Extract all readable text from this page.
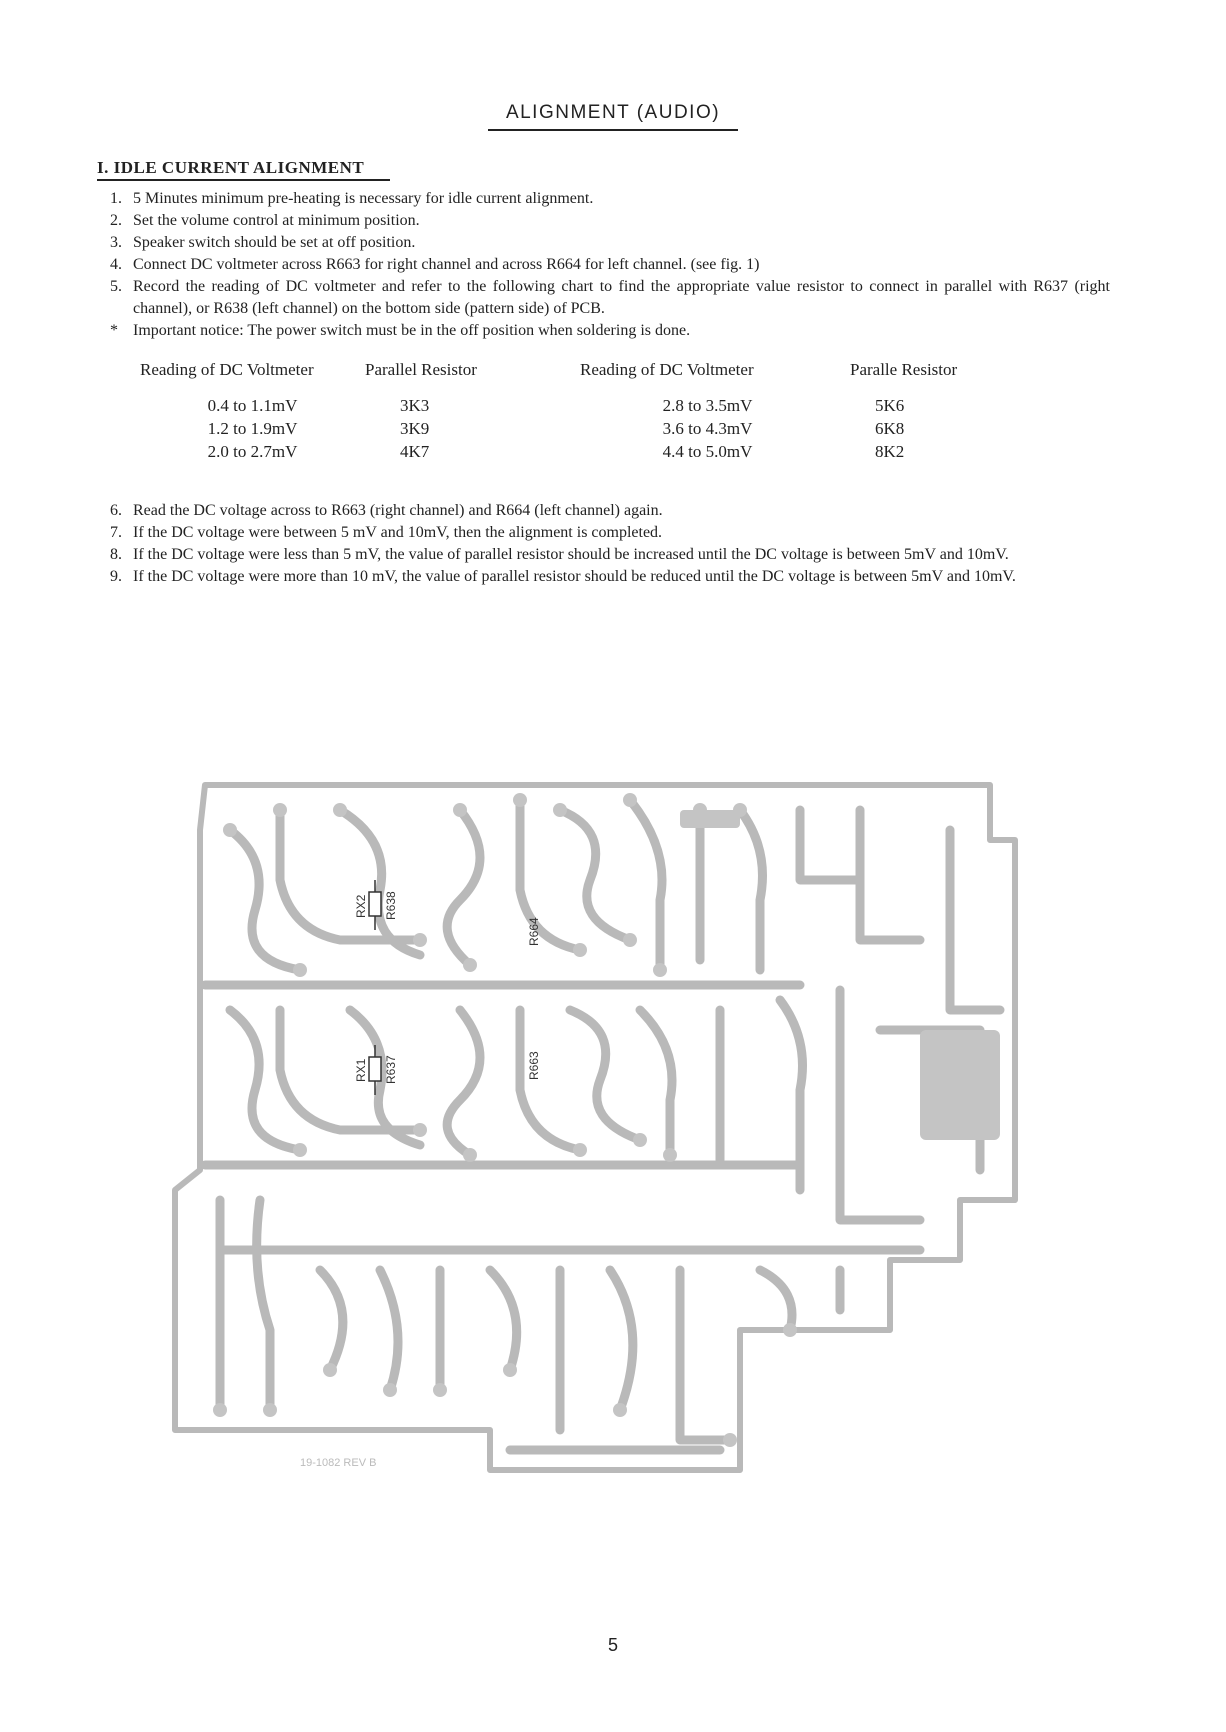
ALIGNMENT (AUDIO)
I. IDLE CURRENT ALIGNMENT
1. 5 Minutes minimum pre-heating is necessary for idle current alignment.
2. Set the volume control at minimum position.
3. Speaker switch should be set at off position.
4. Connect DC voltmeter across R663 for right channel and across R664 for left channel. (see fig. 1)
5. Record the reading of DC voltmeter and refer to the following chart to find the appropriate value resistor to connect in parallel with R637 (right channel), or R638 (left channel) on the bottom side (pattern side) of PCB.
* Important notice: The power switch must be in the off position when soldering is done.
Reading of DC Voltmeter	Parallel Resistor	Reading of DC Voltmeter	Paralle Resistor
0.4 to 1.1mV	3K3	2.8 to 3.5mV	5K6
1.2 to 1.9mV	3K9	3.6 to 4.3mV	6K8
2.0 to 2.7mV	4K7	4.4 to 5.0mV	8K2
6. Read the DC voltage across to R663 (right channel) and R664 (left channel) again.
7. If the DC voltage were between 5 mV and 10mV, then the alignment is completed.
8. If the DC voltage were less than 5 mV, the value of parallel resistor should be increased until the DC voltage is between 5mV and 10mV.
9. If the DC voltage were more than 10 mV, the value of parallel resistor should be reduced until the DC voltage is between 5mV and 10mV.
RX2 R638
R664
RX1 R637	R663
19-1082 REV B
5
